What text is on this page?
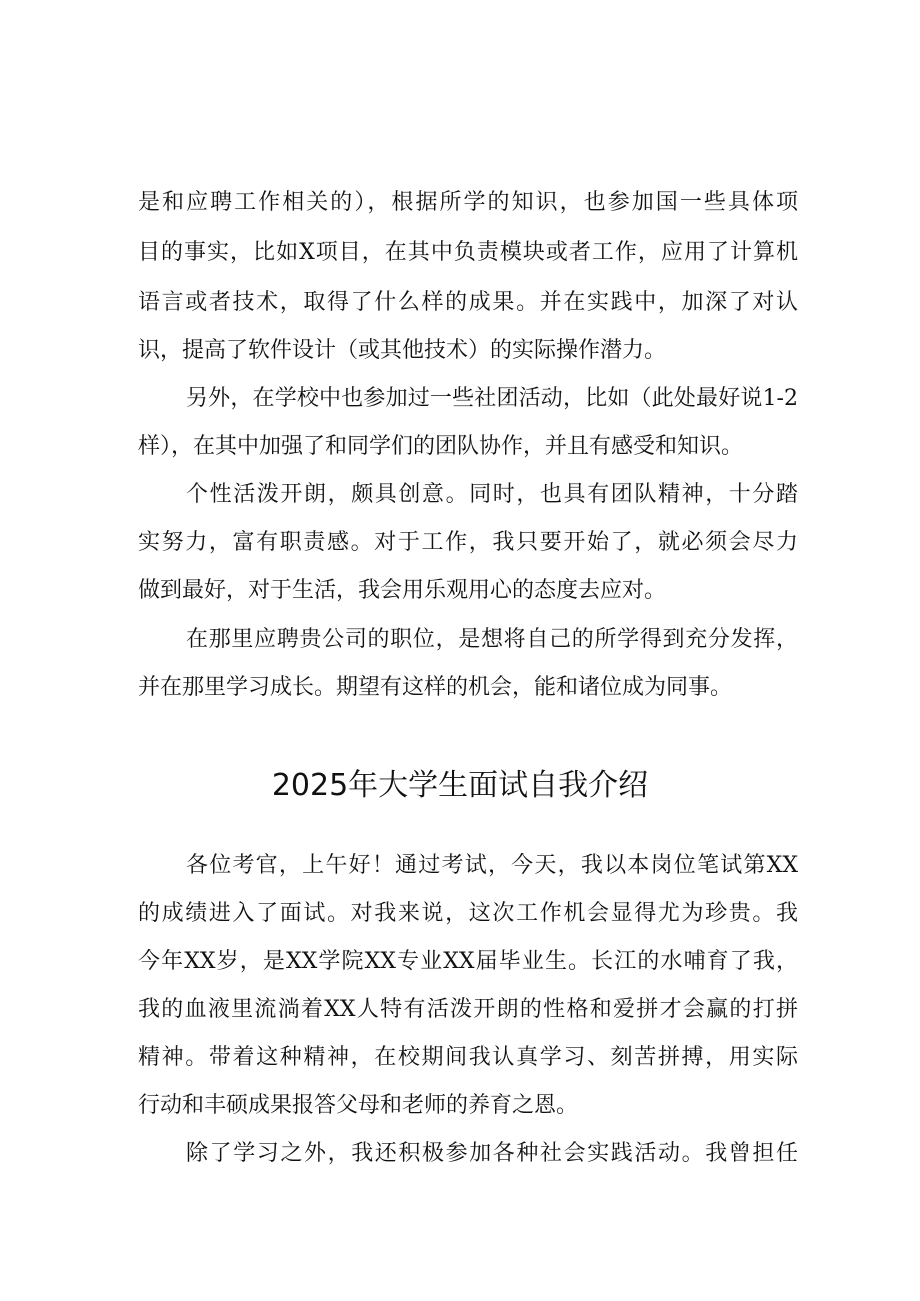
是和应聘工作相关的），根据所学的知识，也参加国一些具体项
目的事实，比如X项目，在其中负责模块或者工作，应用了计算机
语言或者技术，取得了什么样的成果。并在实践中，加深了对认
识，提高了软件设计（或其他技术）的实际操作潜力。
另外，在学校中也参加过一些社团活动，比如（此处最好说1-2
样），在其中加强了和同学们的团队协作，并且有感受和知识。
个性活泼开朗，颇具创意。同时，也具有团队精神，十分踏
实努力，富有职责感。对于工作，我只要开始了，就必须会尽力
做到最好，对于生活，我会用乐观用心的态度去应对。
在那里应聘贵公司的职位，是想将自己的所学得到充分发挥，
并在那里学习成长。期望有这样的机会，能和诸位成为同事。
2025年大学生面试自我介绍
各位考官，上午好！通过考试，今天，我以本岗位笔试第XX
的成绩进入了面试。对我来说，这次工作机会显得尤为珍贵。我
今年XX岁，是XX学院XX专业XX届毕业生。长江的水哺育了我，
我的血液里流淌着XX人特有活泼开朗的性格和爱拼才会赢的打拼
精神。带着这种精神，在校期间我认真学习、刻苦拼搏，用实际
行动和丰硕成果报答父母和老师的养育之恩。
除了学习之外，我还积极参加各种社会实践活动。我曾担任
